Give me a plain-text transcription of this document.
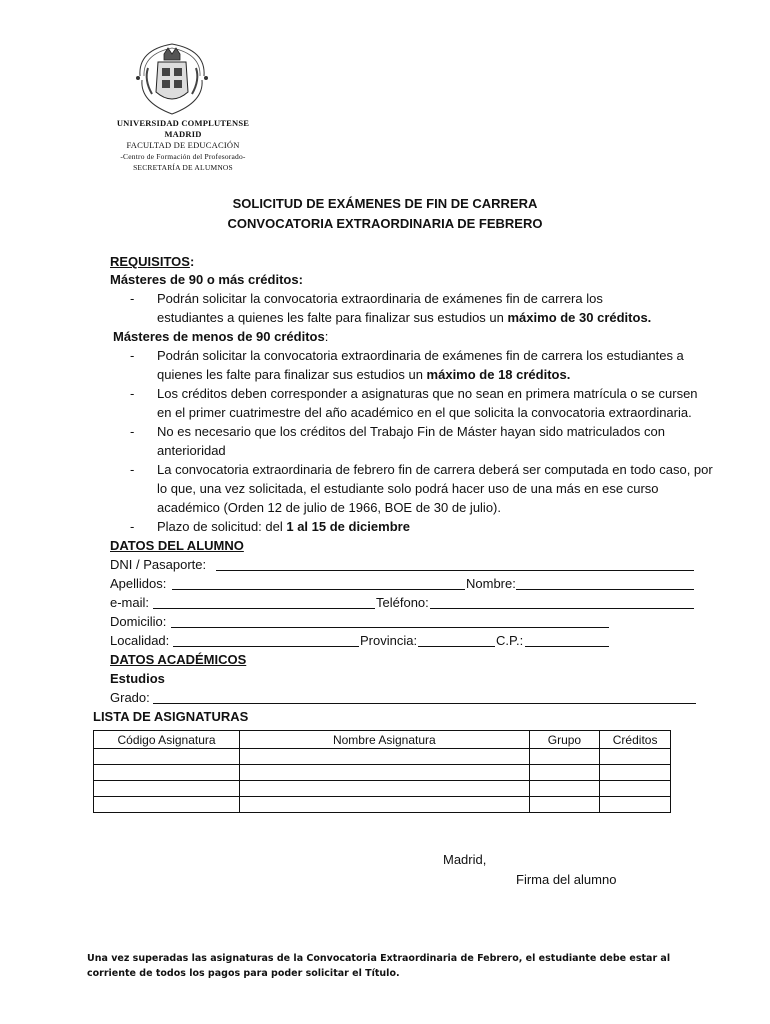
UNIVERSIDAD COMPLUTENSE
MADRID
FACULTAD DE EDUCACIÓN
-Centro de Formación del Profesorado-
SECRETARÍA DE ALUMNOS
SOLICITUD DE EXÁMENES DE FIN DE CARRERA
CONVOCATORIA EXTRAORDINARIA DE FEBRERO
REQUISITOS:
Másteres de 90 o más créditos:
- Podrán solicitar la convocatoria extraordinaria de exámenes fin de carrera los
estudiantes a quienes les falte para finalizar sus estudios un máximo de 30 créditos.
Másteres de menos de 90 créditos:
- Podrán solicitar la convocatoria extraordinaria de exámenes fin de carrera los estudiantes a
quienes les falte para finalizar sus estudios un máximo de 18 créditos.
- Los créditos deben corresponder a asignaturas que no sean en primera matrícula o se cursen
en el primer cuatrimestre del año académico en el que solicita la convocatoria extraordinaria.
- No es necesario que los créditos del Trabajo Fin de Máster hayan sido matriculados con
anterioridad
- La convocatoria extraordinaria de febrero fin de carrera deberá ser computada en todo caso, por
lo que, una vez solicitada, el estudiante solo podrá hacer uso de una más en ese curso
académico (Orden 12 de julio de 1966, BOE de 30 de julio).
- Plazo de solicitud: del 1 al 15 de diciembre
DATOS DEL ALUMNO
DNI / Pasaporte:
Apellidos:	Nombre:
e-mail:	Teléfono:
Domicilio:
Localidad:	Provincia:	C.P.:
DATOS ACADÉMICOS
Estudios
Grado:
LISTA DE ASIGNATURAS
Código Asignatura	Nombre Asignatura	Grupo	Créditos

Madrid,
Firma del alumno
Una vez superadas las asignaturas de la Convocatoria Extraordinaria de Febrero, el estudiante debe estar al corriente de todos los pagos para poder solicitar el Título.
